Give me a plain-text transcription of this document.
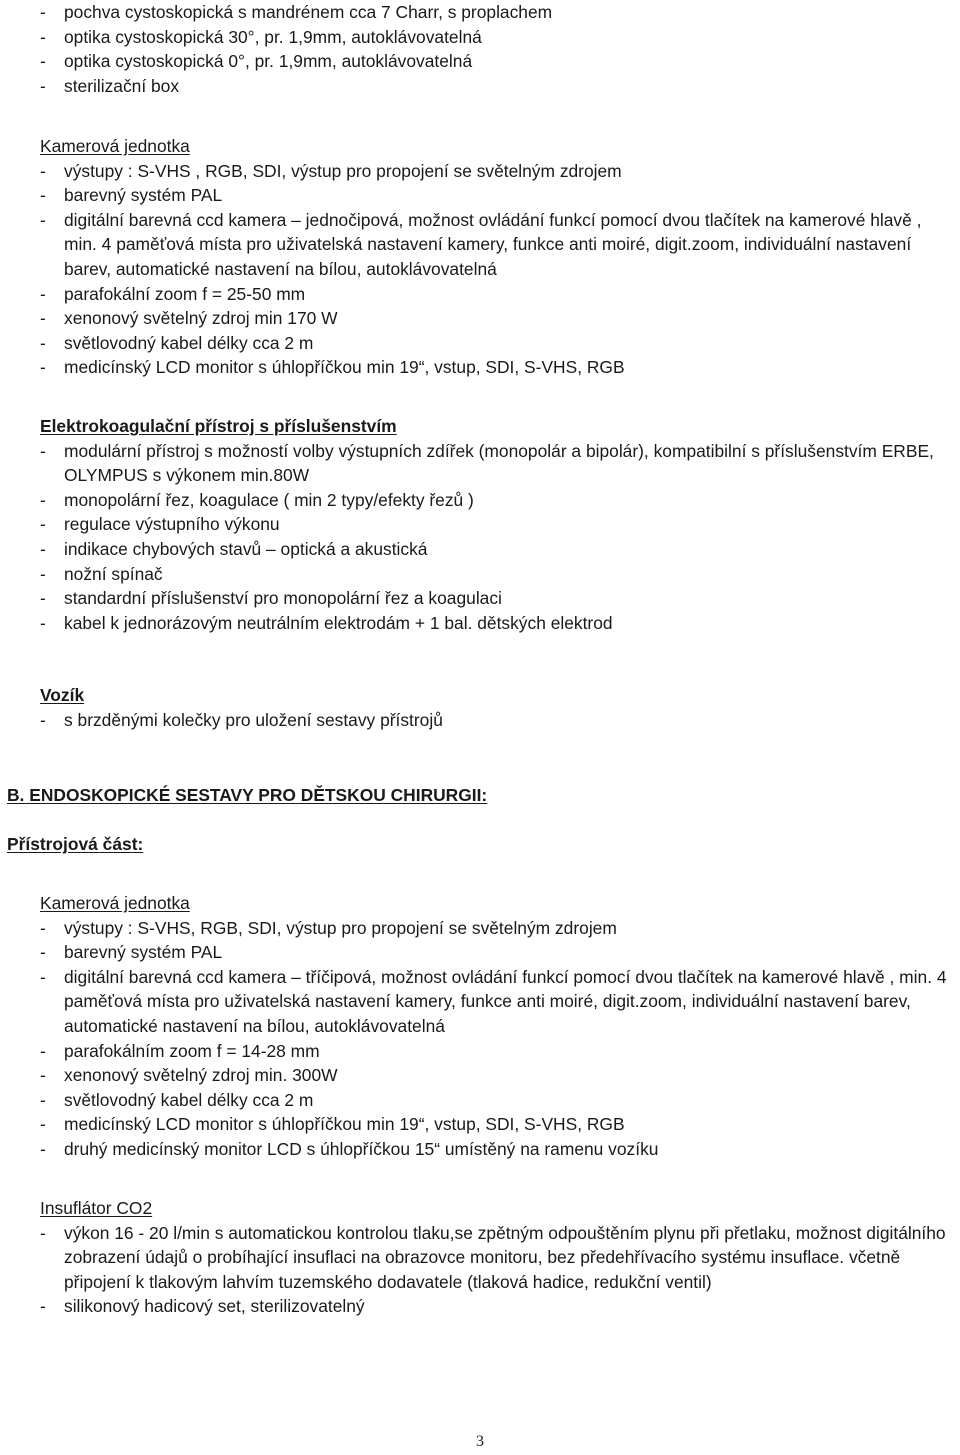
- pochva cystoskopická s mandrénem cca 7 Charr, s proplachem
- optika cystoskopická 30°, pr. 1,9mm, autoklávovatelná
- optika cystoskopická 0°, pr. 1,9mm, autoklávovatelná
- sterilizační box
Kamerová jednotka
- výstupy : S-VHS , RGB, SDI, výstup pro propojení se světelným zdrojem
- barevný systém PAL
- digitální barevná ccd kamera – jednočipová, možnost ovládání funkcí pomocí dvou tlačítek na kamerové hlavě , min. 4 paměťová místa pro uživatelská nastavení kamery, funkce anti moiré, digit.zoom, individuální nastavení barev, automatické nastavení na bílou, autoklávovatelná
- parafokální zoom f = 25-50 mm
- xenonový světelný zdroj min 170 W
- světlovodný kabel délky cca 2 m
- medicínský LCD monitor s úhlopříčkou min 19“, vstup, SDI, S-VHS, RGB
Elektrokoagulační přístroj s příslušenstvím
- modulární přístroj s možností volby výstupních zdířek (monopolár a bipolár), kompatibilní s příslušenstvím ERBE, OLYMPUS s výkonem min.80W
- monopolární řez, koagulace ( min 2 typy/efekty řezů )
- regulace výstupního výkonu
- indikace chybových stavů – optická a akustická
- nožní spínač
- standardní příslušenství pro monopolární řez a koagulaci
- kabel k jednorázovým neutrálním elektrodám + 1 bal. dětských elektrod
Vozík
- s brzděnými kolečky pro uložení sestavy přístrojů
B. ENDOSKOPICKÉ SESTAVY PRO DĚTSKOU CHIRURGII:
Přístrojová část:
Kamerová jednotka
- výstupy : S-VHS, RGB, SDI, výstup pro propojení se světelným zdrojem
- barevný systém PAL
- digitální barevná ccd kamera – tříčipová, možnost ovládání funkcí pomocí dvou tlačítek na kamerové hlavě , min. 4 paměťová místa pro uživatelská nastavení kamery, funkce anti moiré, digit.zoom, individuální nastavení barev, automatické nastavení na bílou, autoklávovatelná
- parafokálním zoom f = 14-28 mm
- xenonový světelný zdroj min. 300W
- světlovodný kabel délky cca 2 m
- medicínský LCD monitor s úhlopříčkou min 19“, vstup, SDI, S-VHS, RGB
- druhý medicínský monitor LCD s úhlopříčkou 15“ umístěný na ramenu vozíku
Insuflátor CO2
- výkon 16 - 20 l/min s automatickou kontrolou tlaku,se zpětným odpouštěním plynu při přetlaku, možnost digitálního zobrazení údajů o probíhající insuflaci na obrazovce monitoru, bez předehřívacího systému insuflace. včetně připojení k tlakovým lahvím tuzemského dodavatele (tlaková hadice, redukční ventil)
- silikonový hadicový set, sterilizovatelný
3
